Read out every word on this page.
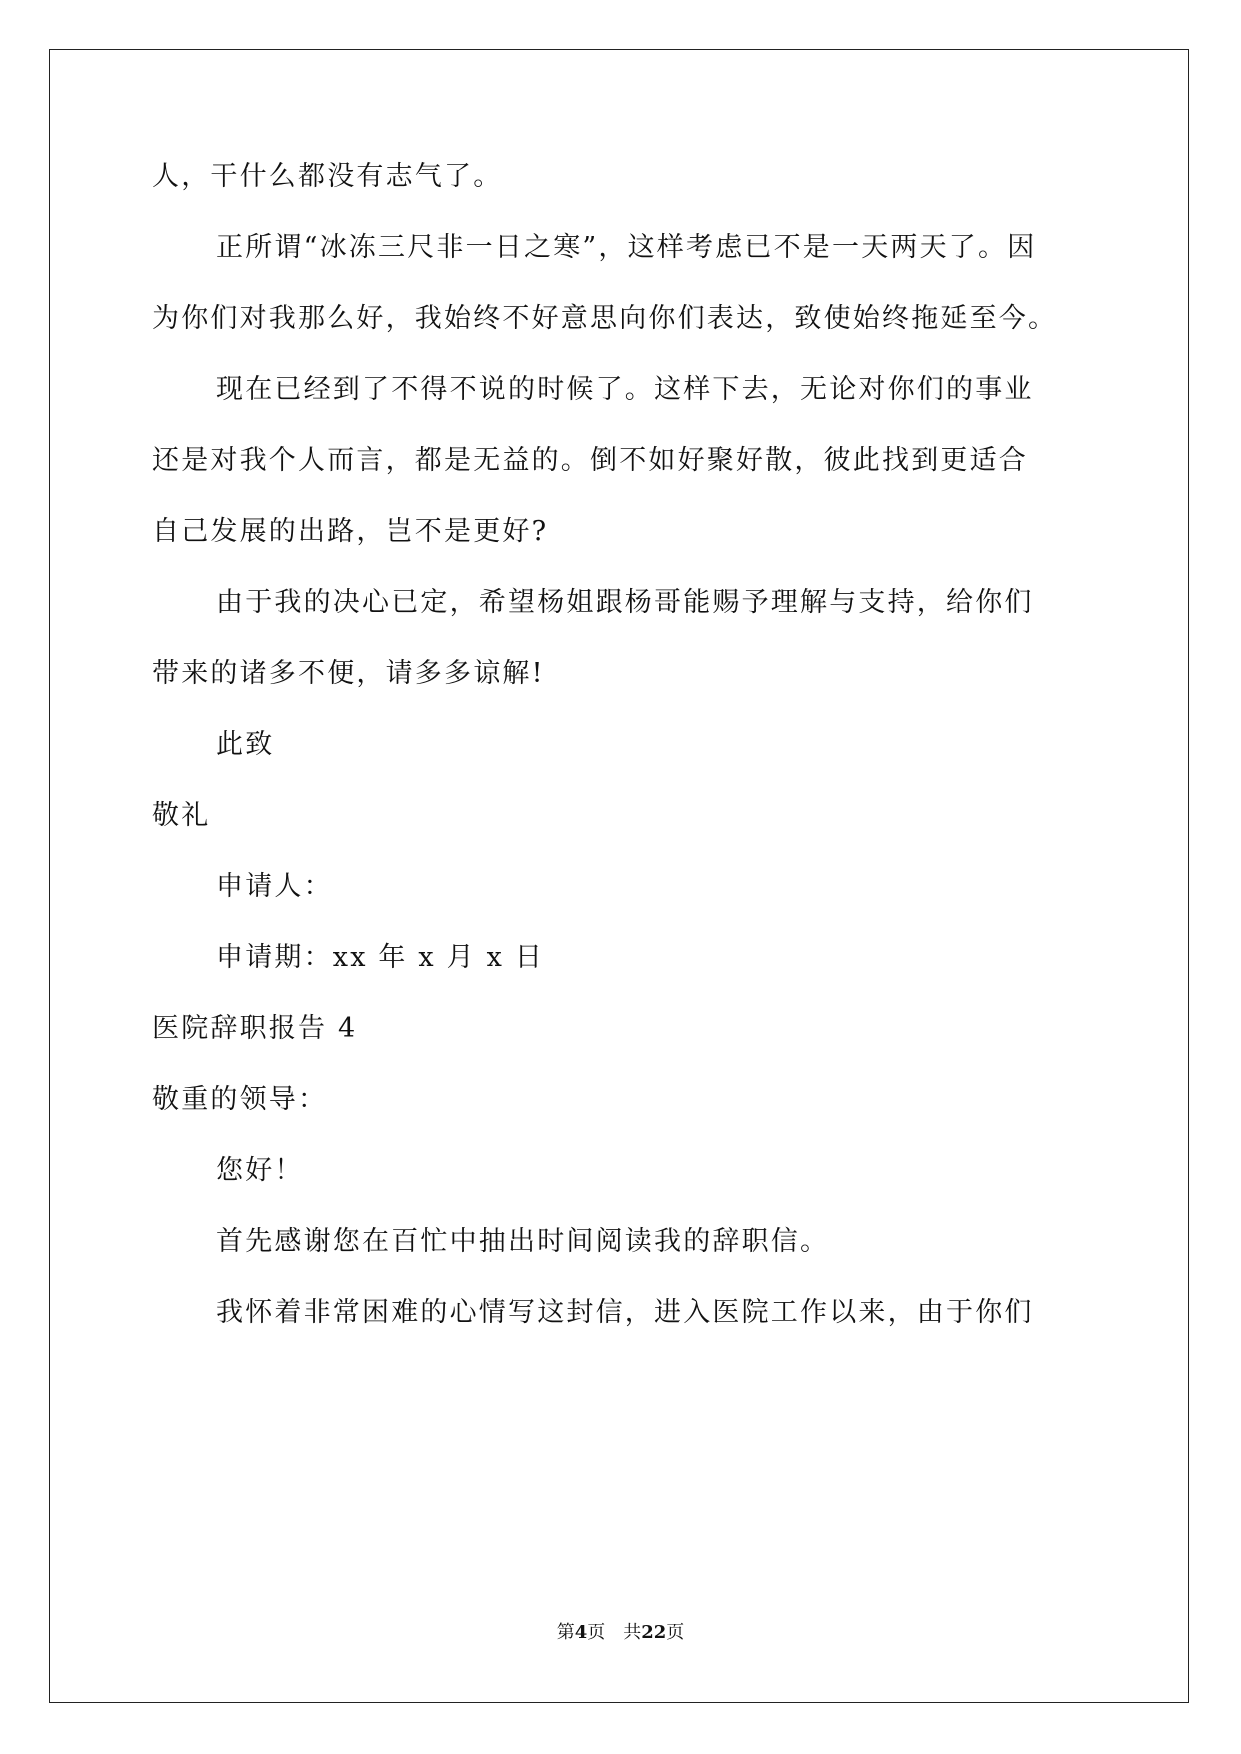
人，干什么都没有志气了。
正所谓“冰冻三尺非一日之寒”，这样考虑已不是一天两天了。因
为你们对我那么好，我始终不好意思向你们表达，致使始终拖延至今。
现在已经到了不得不说的时候了。这样下去，无论对你们的事业
还是对我个人而言，都是无益的。倒不如好聚好散，彼此找到更适合
自己发展的出路，岂不是更好?
由于我的决心已定，希望杨姐跟杨哥能赐予理解与支持，给你们
带来的诸多不便，请多多谅解!
此致
敬礼
申请人：
申请期：xx 年 x 月 x 日
医院辞职报告 4
敬重的领导：
您好！
首先感谢您在百忙中抽出时间阅读我的辞职信。
我怀着非常困难的心情写这封信，进入医院工作以来，由于你们
第4页 共22页
